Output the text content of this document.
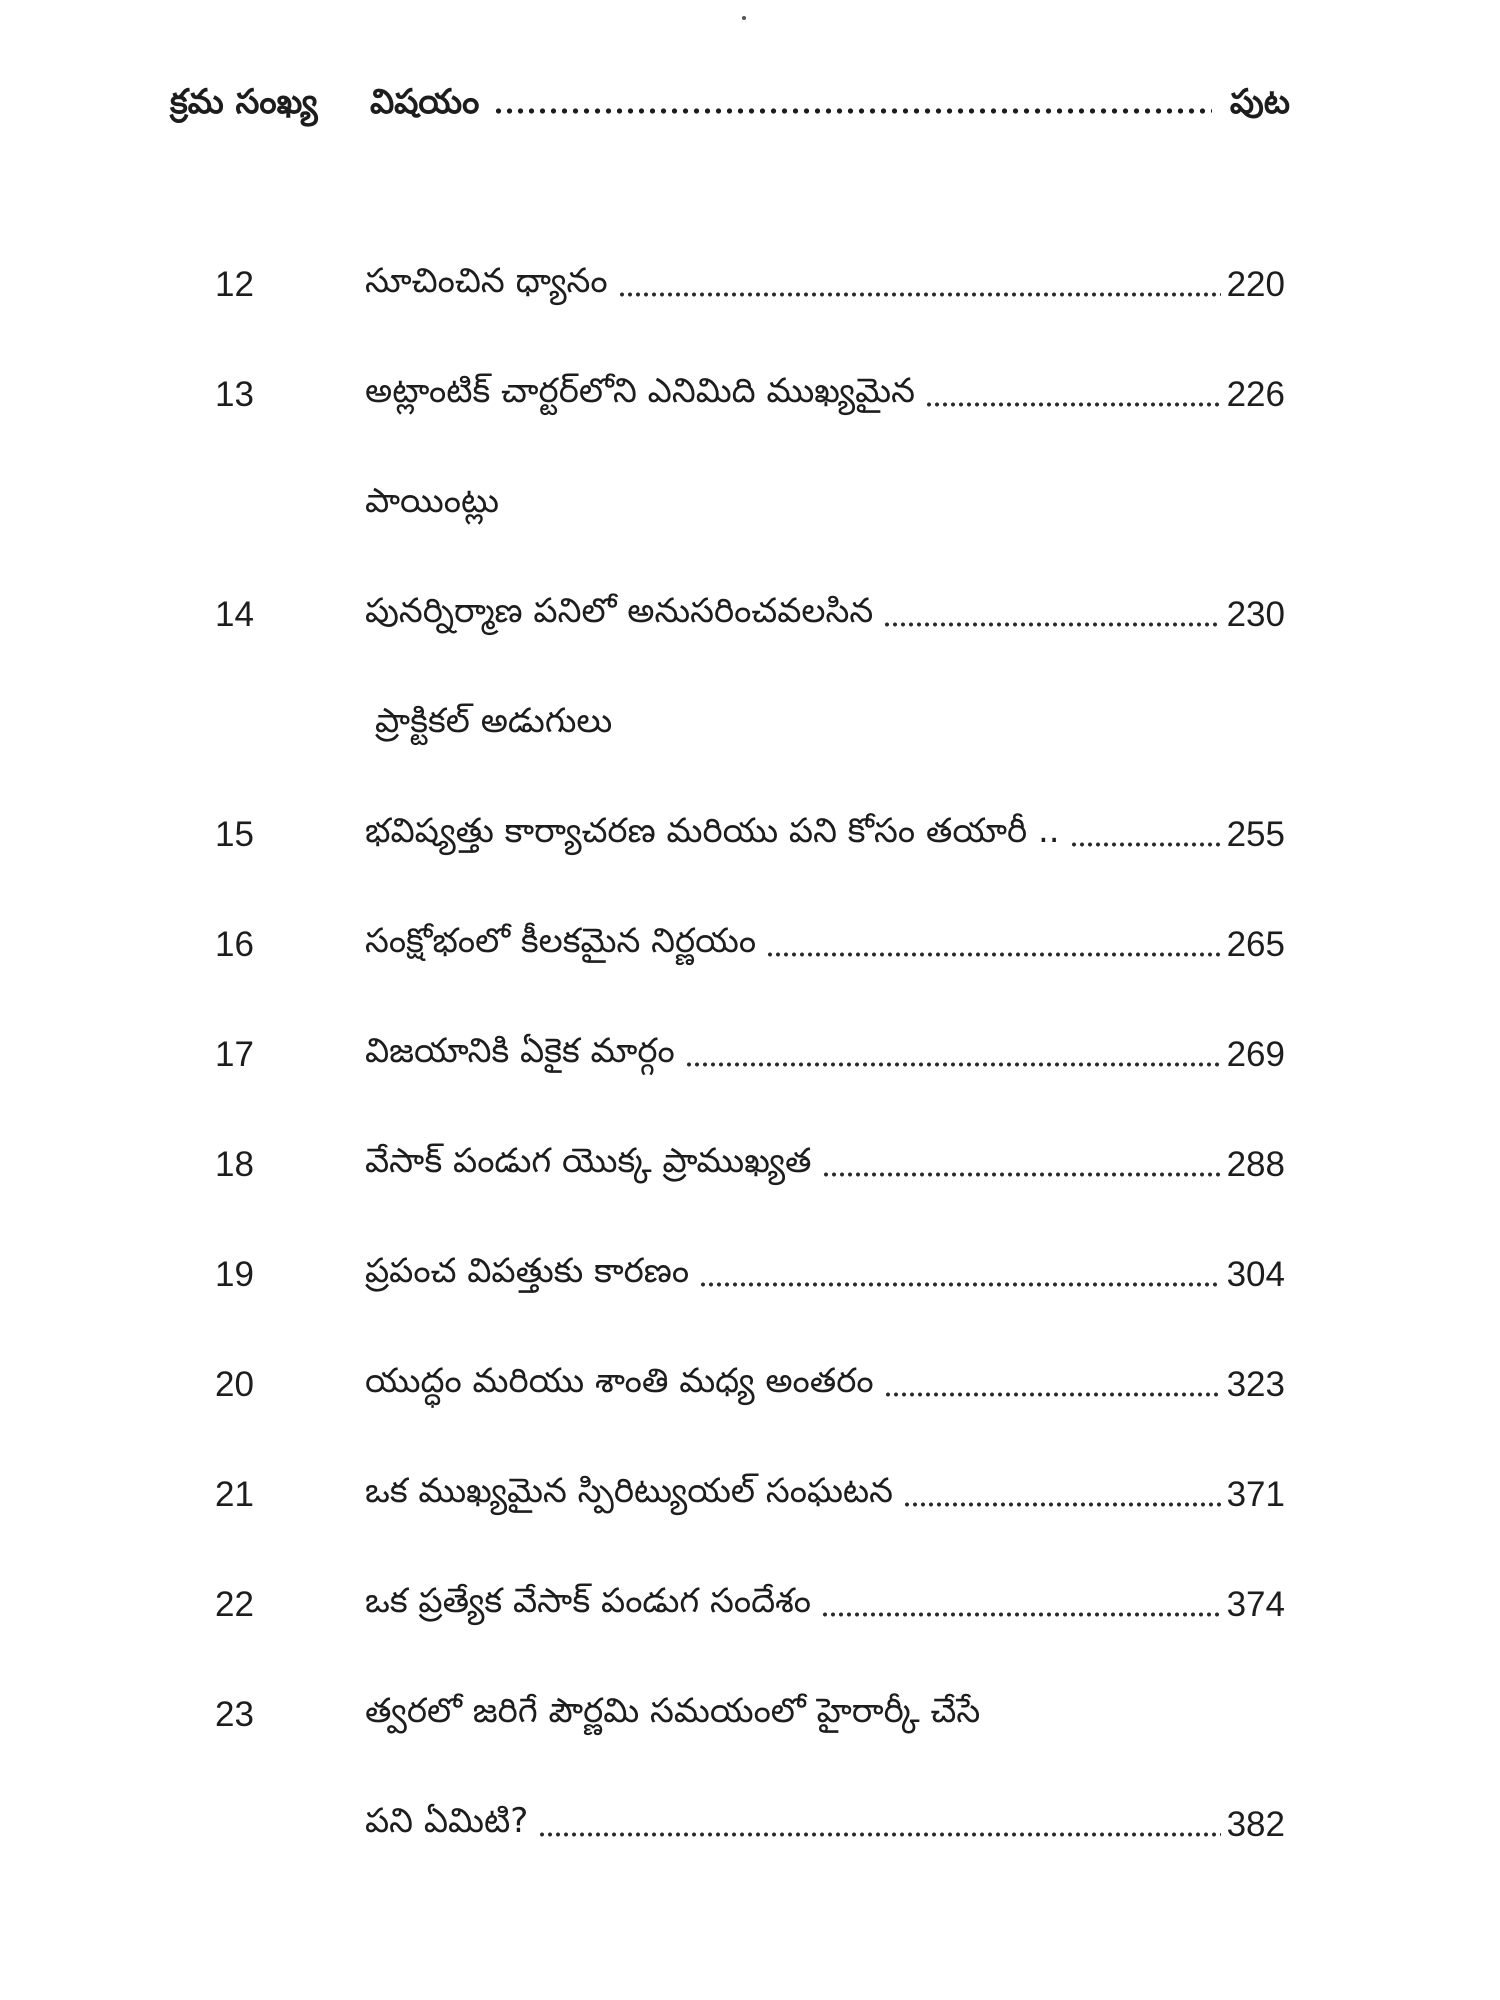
క్రమ సంఖ్య	విషయం	పుట
12	సూచించిన ధ్యానం	220
13	అట్లాంటిక్ చార్టర్‌లోని ఎనిమిది ముఖ్యమైన	226
పాయింట్లు
14	పునర్నిర్మాణ పనిలో అనుసరించవలసిన	230
ప్రాక్టికల్ అడుగులు
15	భవిష్యత్తు కార్యాచరణ మరియు పని కోసం తయారీ ..	255
16	సంక్షోభంలో కీలకమైన నిర్ణయం	265
17	విజయానికి ఏకైక మార్గం	269
18	వేసాక్ పండుగ యొక్క ప్రాముఖ్యత	288
19	ప్రపంచ విపత్తుకు కారణం	304
20	యుద్ధం మరియు శాంతి మధ్య అంతరం	323
21	ఒక ముఖ్యమైన స్పిరిట్యుయల్ సంఘటన	371
22	ఒక ప్రత్యేక వేసాక్ పండుగ సందేశం	374
23	త్వరలో జరిగే పౌర్ణమి సమయంలో హైరార్కీ చేసే
పని ఏమిటి?	382
